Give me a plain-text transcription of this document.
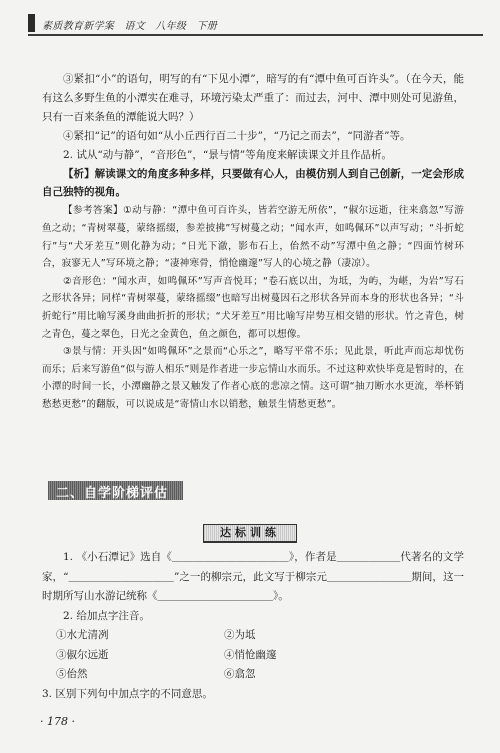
素质教育新学案　语文　八年级　下册

③紧扣“小”的语句，明写的有“下见小潭”，暗写的有“潭中鱼可百许头”。（在今天，能有这么多野生鱼的小潭实在难寻，环境污染太严重了：而过去，河中、潭中则处可见游鱼，只有一百来条鱼的潭能说大吗？）

④紧扣“记”的语句如“从小丘西行百二十步”，“乃记之而去”，“同游者”等。

2. 试从“动与静”，“音形色”，“景与情”等角度来解读课文并且作品析。

【析】解读课文的角度多种多样，只要做有心人，由模仿别人到自己创新，一定会形成自己独特的视角。

【参考答案】①动与静：“潭中鱼可百许头，皆若空游无所依”，“俶尔远逝，往来翕忽”写游鱼之动；“青树翠蔓，蒙络摇缀，参差披拂”写树蔓之动；“闻水声，如鸣佩环”以声写动；“斗折蛇行”与“犬牙差互”则化静为动；“日光下澈，影布石上，佁然不动”写潭中鱼之静；“四面竹树环合，寂寥无人”写环境之静；“凄神寒骨，悄怆幽邃”写人的心境之静（凄凉）。

②音形色：“闻水声，如鸣佩环”写声音悦耳；“卷石底以出，为坻，为屿，为嵁，为岩”写石之形状各异；同样“青树翠蔓，蒙络摇缀”也暗写出树蔓因石之形状各异而本身的形状也各异；“斗折蛇行”用比喻写溪身曲曲折折的形状；“犬牙差互”用比喻写岸势互相交错的形状。竹之青色，树之青色，蔓之翠色，日光之金黄色，鱼之颜色，都可以想像。

③景与情：开头因“如鸣佩环”之景而“心乐之”，略写平常不乐；见此景，听此声而忘却忧伤而乐；后来写游鱼“似与游人相乐”则是作者进一步忘情山水而乐。不过这种欢快毕竟是暂时的，在小潭的时间一长，小潭幽静之景又触发了作者心底的悲凉之情。这可谓“抽刀断水水更流，举杯销愁愁更愁”的翻版，可以说成是“寄情山水以销愁，触景生情愁更愁”。

二、自学阶梯评估
达标训练

1. 《小石潭记》选自《＿＿＿＿＿＿＿＿＿＿＿》，作者是＿＿＿＿＿＿代著名的文学家，“＿＿＿＿＿＿＿＿＿＿”之一的柳宗元，此文写于柳宗元＿＿＿＿＿＿＿＿期间，这一时期所写山水游记统称《＿＿＿＿＿＿＿＿＿＿＿》。

2. 给加点字注音。

①水尤清冽	②为坻
③俶尔远逝	④悄怆幽邃
⑤佁然	⑥翕忽

3. 区别下列句中加点字的不同意思。

· 178 ·
